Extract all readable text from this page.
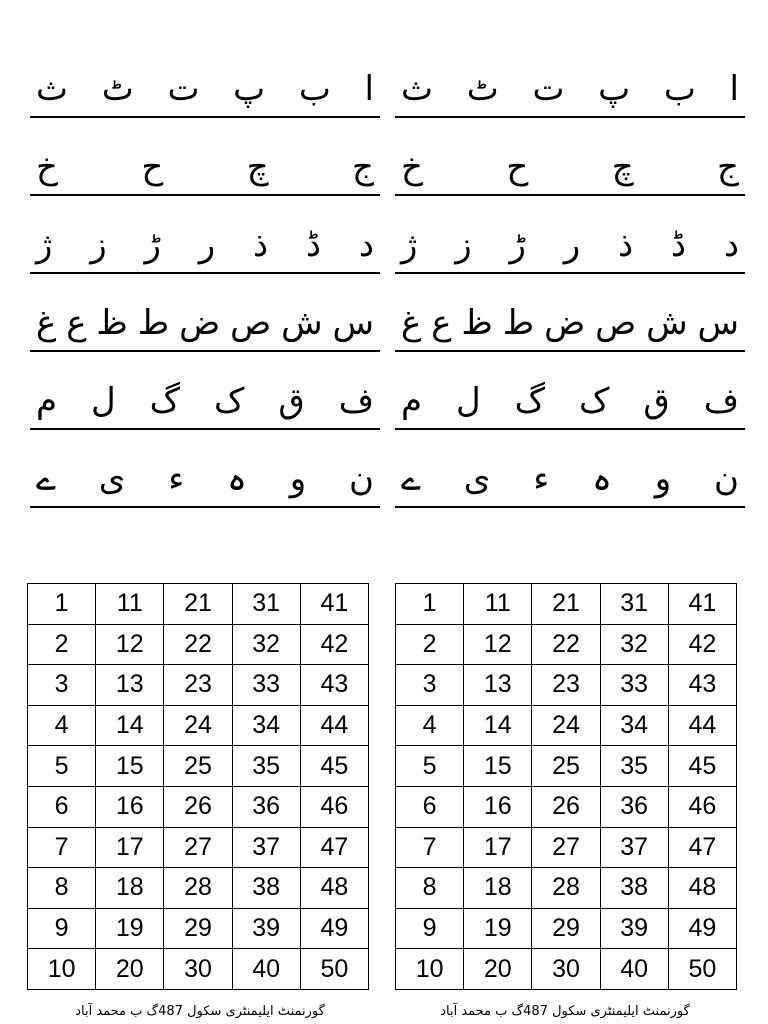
ا
ب
پ
ت
ٹ
ث
ج
چ
ح
خ
د
ڈ
ذ
ر
ڑ
ز
ژ
س
ش
ص
ض
ط
ظ
ع
غ
ف
ق
ک
گ
ل
م
ن
و
ہ
ء
ی
ے
ا
ب
پ
ت
ٹ
ث
ج
چ
ح
خ
د
ڈ
ذ
ر
ڑ
ز
ژ
س
ش
ص
ض
ط
ظ
ع
غ
ف
ق
ک
گ
ل
م
ن
و
ہ
ء
ی
ے
1	11	21	31	41
2	12	22	32	42
3	13	23	33	43
4	14	24	34	44
5	15	25	35	45
6	16	26	36	46
7	17	27	37	47
8	18	28	38	48
9	19	29	39	49
10	20	30	40	50
1	11	21	31	41
2	12	22	32	42
3	13	23	33	43
4	14	24	34	44
5	15	25	35	45
6	16	26	36	46
7	17	27	37	47
8	18	28	38	48
9	19	29	39	49
10	20	30	40	50
گورنمنٹ ایلیمنٹری سکول 487گ ب محمد آباد	گورنمنٹ ایلیمنٹری سکول 487گ ب محمد آباد
